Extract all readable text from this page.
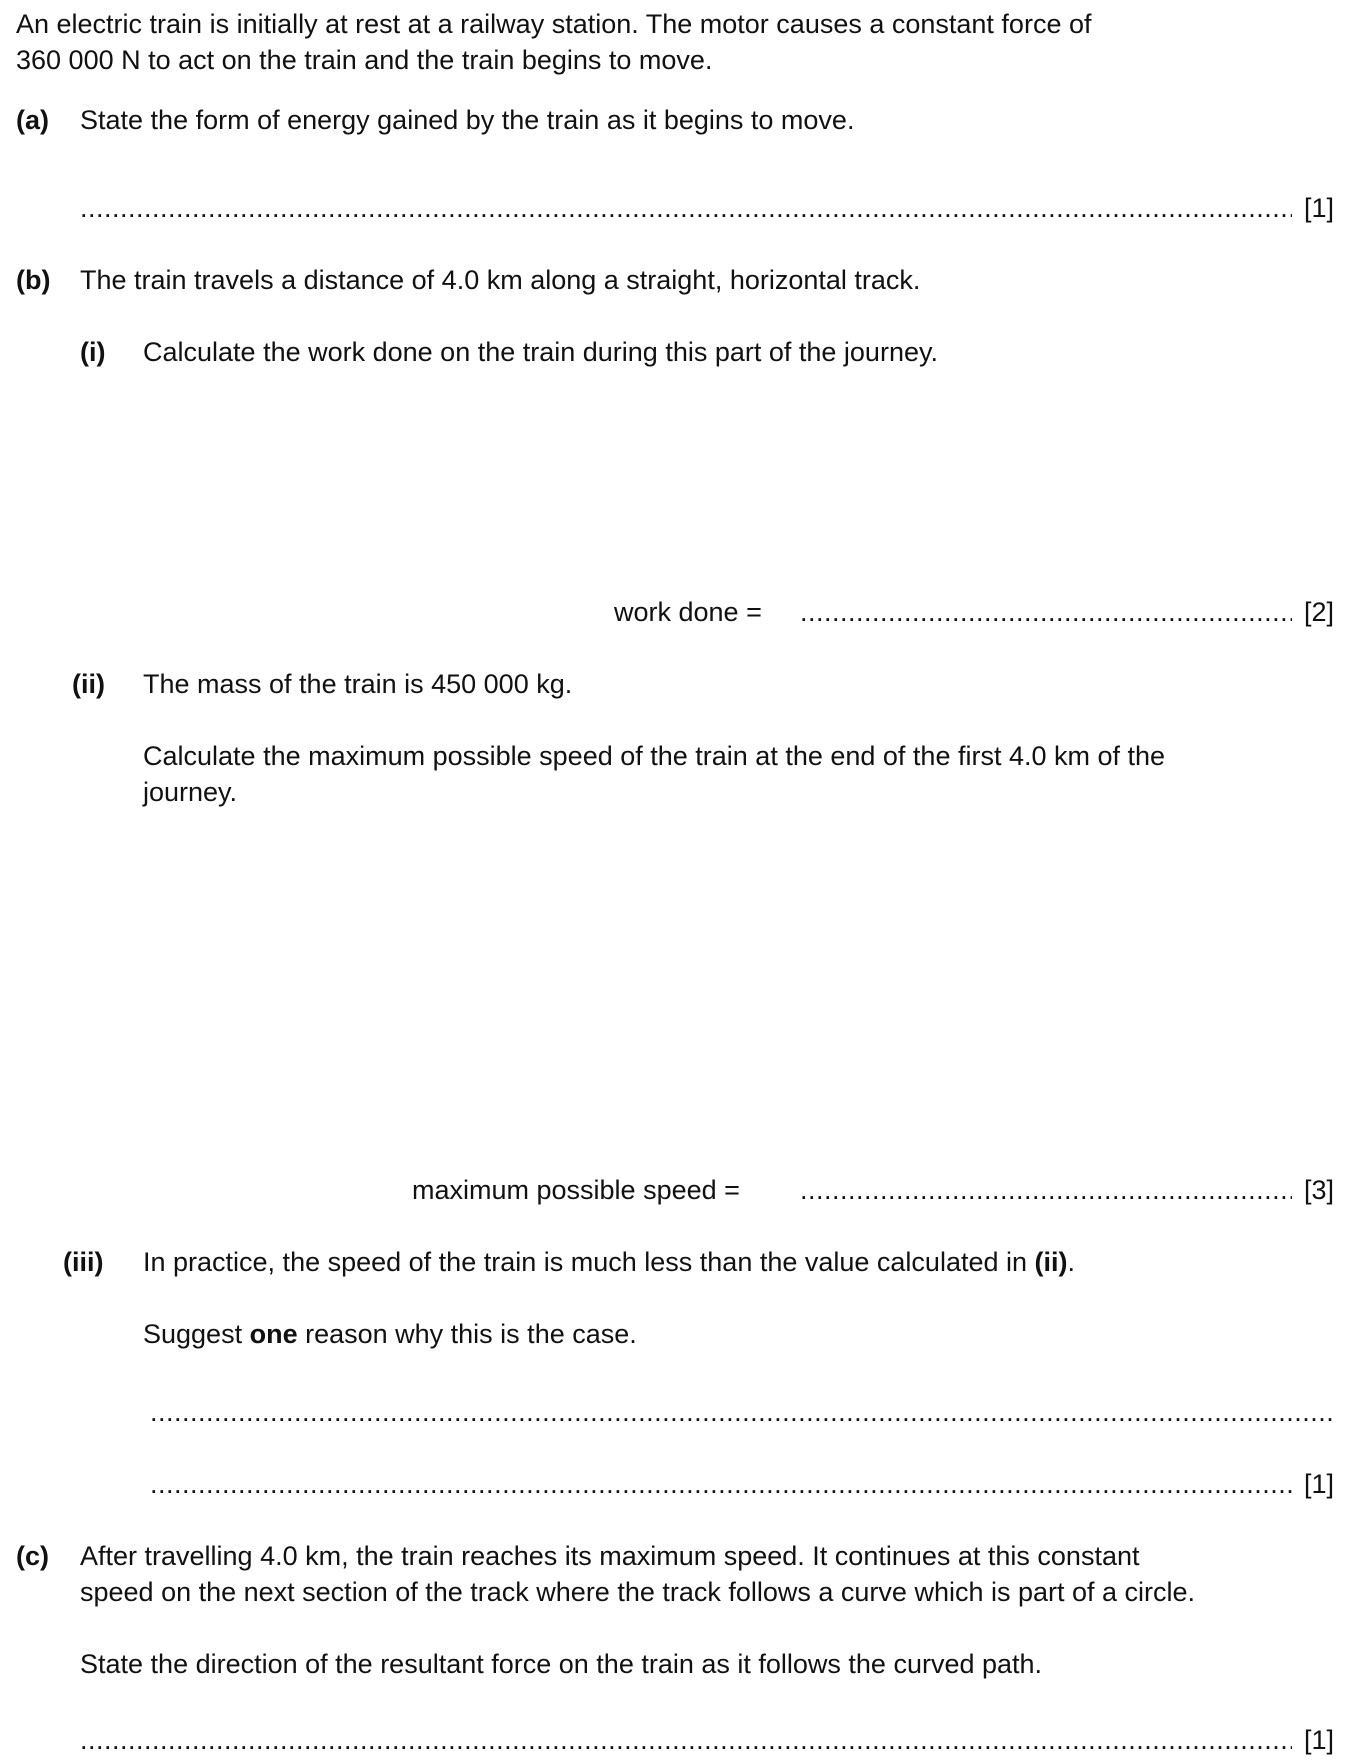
An electric train is initially at rest at a railway station. The motor causes a constant force of
360 000 N to act on the train and the train begins to move.
(a) State the form of energy gained by the train as it begins to move.
.....
[1]
(b) The train travels a distance of 4.0 km along a straight, horizontal track.
(i) Calculate the work done on the train during this part of the journey.
work done = .....	[2]
(ii) The mass of the train is 450 000 kg.
Calculate the maximum possible speed of the train at the end of the first 4.0 km of the
journey.
maximum possible speed = .....	[3]
(iii) In practice, the speed of the train is much less than the value calculated in (ii).
Suggest one reason why this is the case.
.....
.....
[1]
(c) After travelling 4.0 km, the train reaches its maximum speed. It continues at this constant
speed on the next section of the track where the track follows a curve which is part of a circle.
State the direction of the resultant force on the train as it follows the curved path.
.....
[1]
